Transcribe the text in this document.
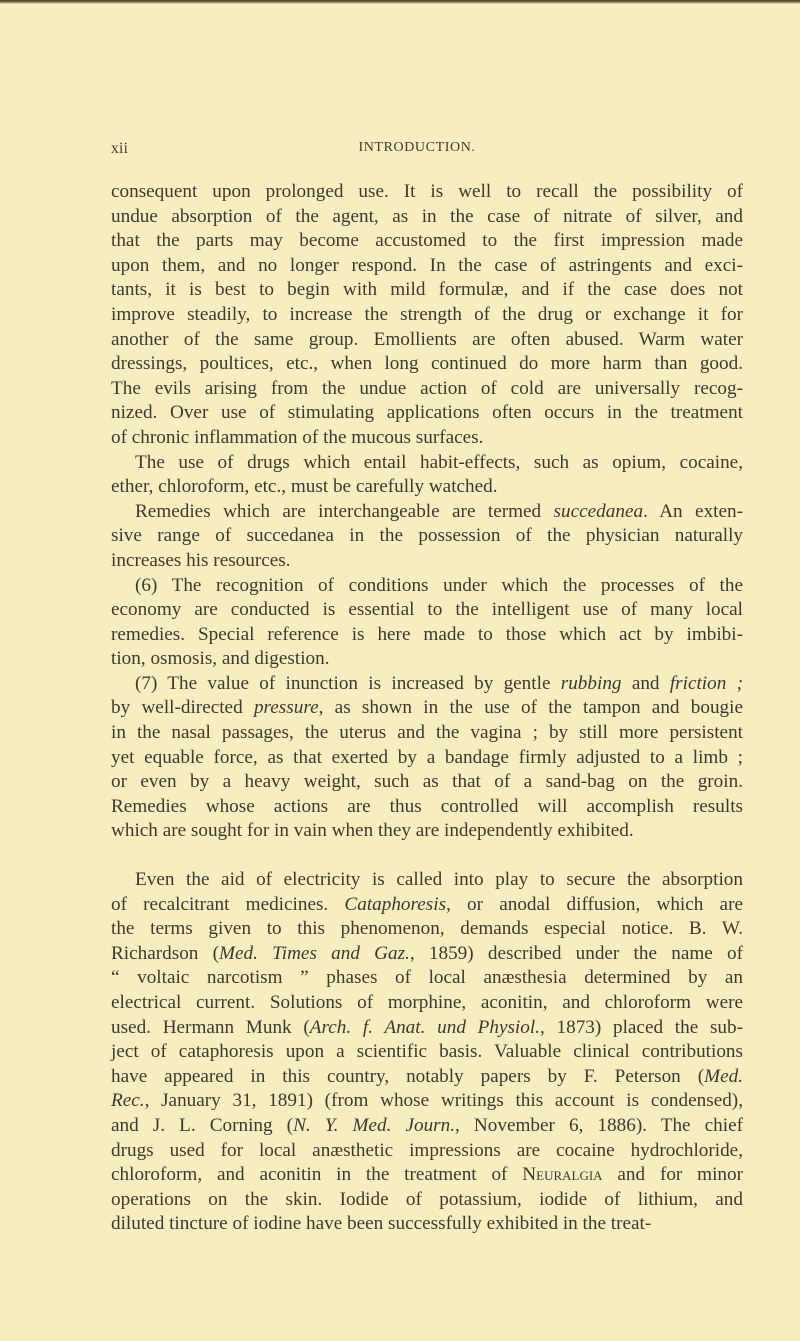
xii	INTRODUCTION.

consequent upon prolonged use. It is well to recall the possibility of
undue absorption of the agent, as in the case of nitrate of silver, and
that the parts may become accustomed to the first impression made
upon them, and no longer respond. In the case of astringents and exci-
tants, it is best to begin with mild formulæ, and if the case does not
improve steadily, to increase the strength of the drug or exchange it for
another of the same group. Emollients are often abused. Warm water
dressings, poultices, etc., when long continued do more harm than good.
The evils arising from the undue action of cold are universally recog-
nized. Over use of stimulating applications often occurs in the treatment
of chronic inflammation of the mucous surfaces.

The use of drugs which entail habit-effects, such as opium, cocaine,
ether, chloroform, etc., must be carefully watched.

Remedies which are interchangeable are termed succedanea. An exten-
sive range of succedanea in the possession of the physician naturally
increases his resources.

(6) The recognition of conditions under which the processes of the
economy are conducted is essential to the intelligent use of many local
remedies. Special reference is here made to those which act by imbibi-
tion, osmosis, and digestion.

(7) The value of inunction is increased by gentle rubbing and friction ;
by well-directed pressure, as shown in the use of the tampon and bougie
in the nasal passages, the uterus and the vagina ; by still more persistent
yet equable force, as that exerted by a bandage firmly adjusted to a limb ;
or even by a heavy weight, such as that of a sand-bag on the groin.
Remedies whose actions are thus controlled will accomplish results
which are sought for in vain when they are independently exhibited.

Even the aid of electricity is called into play to secure the absorption
of recalcitrant medicines. Cataphoresis, or anodal diffusion, which are
the terms given to this phenomenon, demands especial notice. B. W.
Richardson (Med. Times and Gaz., 1859) described under the name of
“ voltaic narcotism ” phases of local anæsthesia determined by an
electrical current. Solutions of morphine, aconitin, and chloroform were
used. Hermann Munk (Arch. f. Anat. und Physiol., 1873) placed the sub-
ject of cataphoresis upon a scientific basis. Valuable clinical contributions
have appeared in this country, notably papers by F. Peterson (Med.
Rec., January 31, 1891) (from whose writings this account is condensed),
and J. L. Corning (N. Y. Med. Journ., November 6, 1886). The chief
drugs used for local anæsthetic impressions are cocaine hydrochloride,
chloroform, and aconitin in the treatment of Neuralgia and for minor
operations on the skin. Iodide of potassium, iodide of lithium, and
diluted tincture of iodine have been successfully exhibited in the treat-
